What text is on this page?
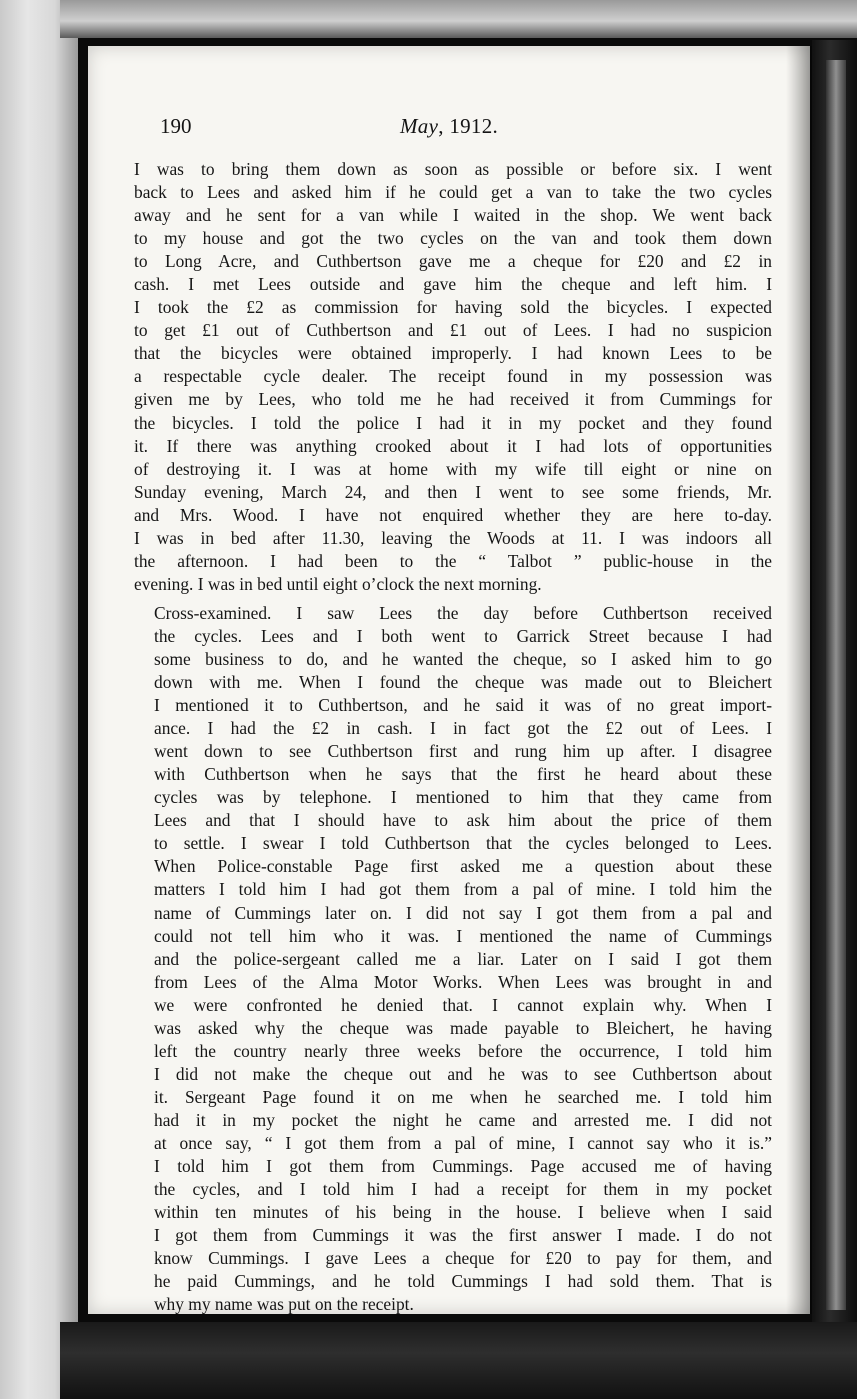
190	May, 1912.
I was to bring them down as soon as possible or before six. I went
back to Lees and asked him if he could get a van to take the two cycles
away and he sent for a van while I waited in the shop. We went back
to my house and got the two cycles on the van and took them down
to Long Acre, and Cuthbertson gave me a cheque for £20 and £2 in
cash. I met Lees outside and gave him the cheque and left him. I
I took the £2 as commission for having sold the bicycles. I expected
to get £1 out of Cuthbertson and £1 out of Lees. I had no suspicion
that the bicycles were obtained improperly. I had known Lees to be
a respectable cycle dealer. The receipt found in my possession was
given me by Lees, who told me he had received it from Cummings for
the bicycles. I told the police I had it in my pocket and they found
it. If there was anything crooked about it I had lots of opportunities
of destroying it. I was at home with my wife till eight or nine on
Sunday evening, March 24, and then I went to see some friends, Mr.
and Mrs. Wood. I have not enquired whether they are here to-day.
I was in bed after 11.30, leaving the Woods at 11. I was indoors all
the afternoon. I had been to the “ Talbot ” public-house in the
evening. I was in bed until eight o’clock the next morning.
Cross-examined. I saw Lees the day before Cuthbertson received
the cycles. Lees and I both went to Garrick Street because I had
some business to do, and he wanted the cheque, so I asked him to go
down with me. When I found the cheque was made out to Bleichert
I mentioned it to Cuthbertson, and he said it was of no great import-
ance. I had the £2 in cash. I in fact got the £2 out of Lees. I
went down to see Cuthbertson first and rung him up after. I disagree
with Cuthbertson when he says that the first he heard about these
cycles was by telephone. I mentioned to him that they came from
Lees and that I should have to ask him about the price of them
to settle. I swear I told Cuthbertson that the cycles belonged to Lees.
When Police-constable Page first asked me a question about these
matters I told him I had got them from a pal of mine. I told him the
name of Cummings later on. I did not say I got them from a pal and
could not tell him who it was. I mentioned the name of Cummings
and the police-sergeant called me a liar. Later on I said I got them
from Lees of the Alma Motor Works. When Lees was brought in and
we were confronted he denied that. I cannot explain why. When I
was asked why the cheque was made payable to Bleichert, he having
left the country nearly three weeks before the occurrence, I told him
I did not make the cheque out and he was to see Cuthbertson about
it. Sergeant Page found it on me when he searched me. I told him
had it in my pocket the night he came and arrested me. I did not
at once say, “ I got them from a pal of mine, I cannot say who it is.”
I told him I got them from Cummings. Page accused me of having
the cycles, and I told him I had a receipt for them in my pocket
within ten minutes of his being in the house. I believe when I said
I got them from Cummings it was the first answer I made. I do not
know Cummings. I gave Lees a cheque for £20 to pay for them, and
he paid Cummings, and he told Cummings I had sold them. That is
why my name was put on the receipt.
